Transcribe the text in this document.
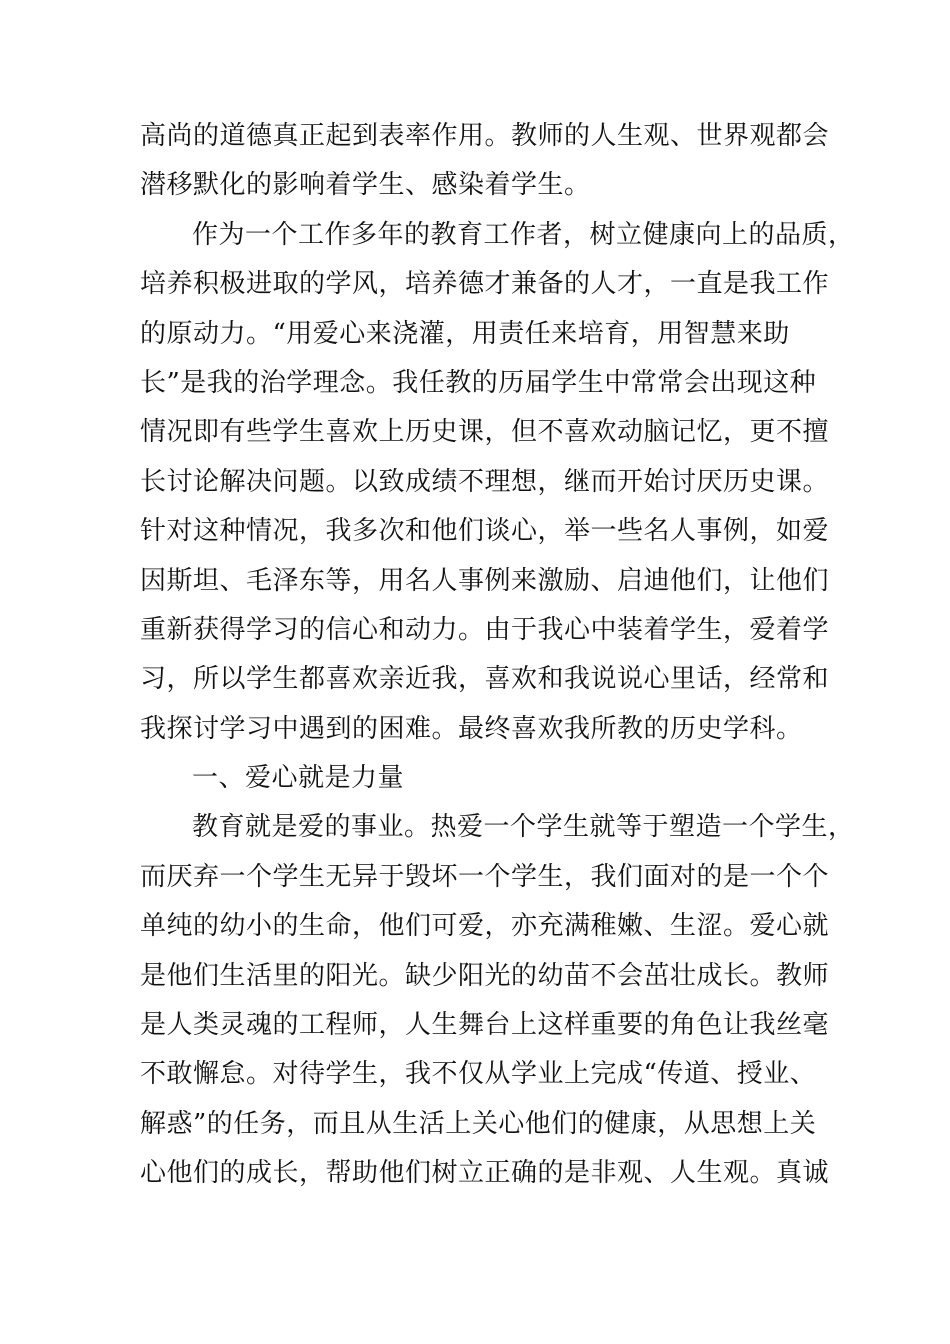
高尚的道德真正起到表率作用。教师的人生观、世界观都会
潜移默化的影响着学生、感染着学生。
作为一个工作多年的教育工作者，树立健康向上的品质，
培养积极进取的学风，培养德才兼备的人才，一直是我工作
的原动力。“用爱心来浇灌，用责任来培育，用智慧来助
长”是我的治学理念。我任教的历届学生中常常会出现这种
情况即有些学生喜欢上历史课，但不喜欢动脑记忆，更不擅
长讨论解决问题。以致成绩不理想，继而开始讨厌历史课。
针对这种情况，我多次和他们谈心，举一些名人事例，如爱
因斯坦、毛泽东等，用名人事例来激励、启迪他们，让他们
重新获得学习的信心和动力。由于我心中装着学生，爱着学
习，所以学生都喜欢亲近我，喜欢和我说说心里话，经常和
我探讨学习中遇到的困难。最终喜欢我所教的历史学科。
一、爱心就是力量
教育就是爱的事业。热爱一个学生就等于塑造一个学生，
而厌弃一个学生无异于毁坏一个学生，我们面对的是一个个
单纯的幼小的生命，他们可爱，亦充满稚嫩、生涩。爱心就
是他们生活里的阳光。缺少阳光的幼苗不会茁壮成长。教师
是人类灵魂的工程师，人生舞台上这样重要的角色让我丝毫
不敢懈怠。对待学生，我不仅从学业上完成“传道、授业、
解惑”的任务，而且从生活上关心他们的健康，从思想上关
心他们的成长，帮助他们树立正确的是非观、人生观。真诚
